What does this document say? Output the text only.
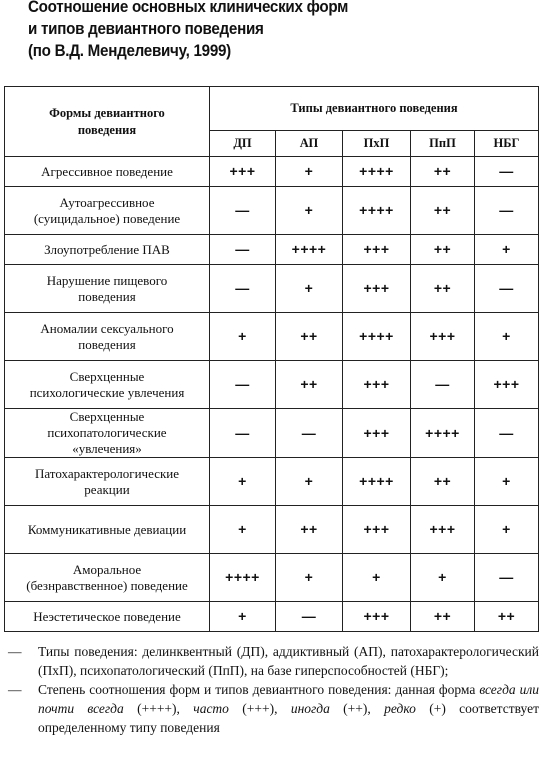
Соотношение основных клинических форм
и типов девиантного поведения
(по В.Д. Менделевичу, 1999)
Формы девиантного поведения	Типы девиантного поведения				
	ДП	АП	ПхП	ПпП	НБГ
Агрессивное поведение	+++	+	++++	++	—
Аутоагрессивное (суицидальное) поведение	—	+	++++	++	—
Злоупотребление ПАВ	—	++++	+++	++	+
Нарушение пищевого поведения	—	+	+++	++	—
Аномалии сексуального поведения	+	++	++++	+++	+
Сверхценные психологические увлечения	—	++	+++	—	+++
Сверхценные психопатологические «увлечения»	—	—	+++	++++	—
Патохарактерологические реакции	+	+	++++	++	+
Коммуникативные девиации	+	++	+++	+++	+
Аморальное (безнравственное) поведение	++++	+	+	+	—
Неэстетическое поведение	+	—	+++	++	++
— Типы поведения: делинквентный (ДП), аддиктивный (АП), патохарактерологический (ПхП), психопатологический (ПпП), на базе гиперспособностей (НБГ);
— Степень соотношения форм и типов девиантного поведения: данная форма всегда или почти всегда (++++), часто (+++), иногда (++), редко (+) соответствует определенному типу поведения
